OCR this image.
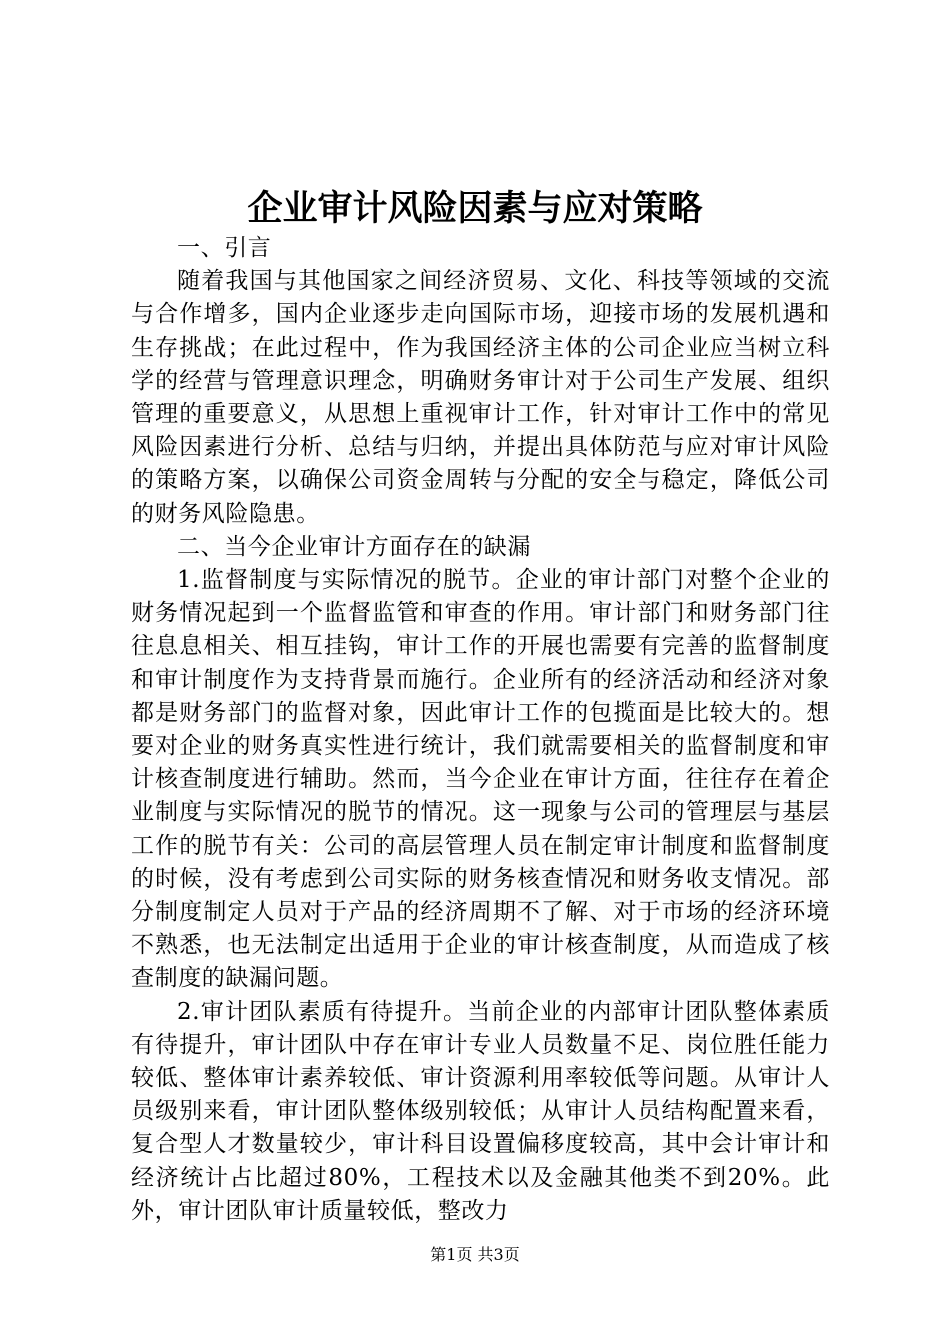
企业审计风险因素与应对策略

一、引言

随着我国与其他国家之间经济贸易、文化、科技等领域的交流与合作增多，国内企业逐步走向国际市场，迎接市场的发展机遇和生存挑战；在此过程中，作为我国经济主体的公司企业应当树立科学的经营与管理意识理念，明确财务审计对于公司生产发展、组织管理的重要意义，从思想上重视审计工作，针对审计工作中的常见风险因素进行分析、总结与归纳，并提出具体防范与应对审计风险的策略方案，以确保公司资金周转与分配的安全与稳定，降低公司的财务风险隐患。

二、当今企业审计方面存在的缺漏

1.监督制度与实际情况的脱节。企业的审计部门对整个企业的财务情况起到一个监督监管和审查的作用。审计部门和财务部门往往息息相关、相互挂钩，审计工作的开展也需要有完善的监督制度和审计制度作为支持背景而施行。企业所有的经济活动和经济对象都是财务部门的监督对象，因此审计工作的包揽面是比较大的。想要对企业的财务真实性进行统计，我们就需要相关的监督制度和审计核查制度进行辅助。然而，当今企业在审计方面，往往存在着企业制度与实际情况的脱节的情况。这一现象与公司的管理层与基层工作的脱节有关：公司的高层管理人员在制定审计制度和监督制度的时候，没有考虑到公司实际的财务核查情况和财务收支情况。部分制度制定人员对于产品的经济周期不了解、对于市场的经济环境不熟悉，也无法制定出适用于企业的审计核查制度，从而造成了核查制度的缺漏问题。

2.审计团队素质有待提升。当前企业的内部审计团队整体素质有待提升，审计团队中存在审计专业人员数量不足、岗位胜任能力较低、整体审计素养较低、审计资源利用率较低等问题。从审计人员级别来看，审计团队整体级别较低；从审计人员结构配置来看，复合型人才数量较少，审计科目设置偏移度较高，其中会计审计和经济统计占比超过80%，工程技术以及金融其他类不到20%。此外，审计团队审计质量较低，整改力

第1页 共3页
